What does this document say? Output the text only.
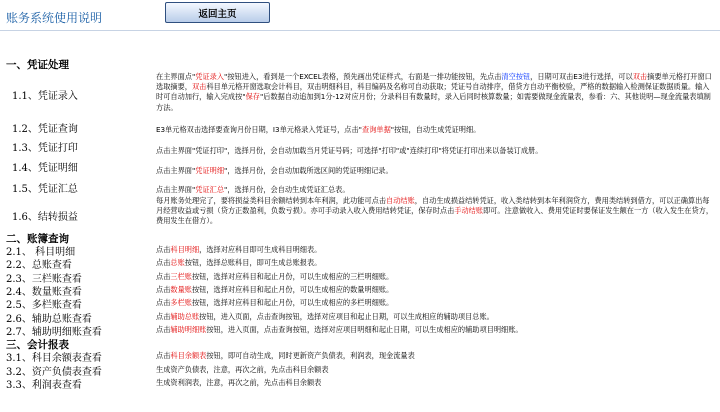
账务系统使用说明	返回主页
一、凭证处理
二、账簿查询
三、会计报表
1.1、凭证录入
1.2、凭证查询
1.3、凭证打印
1.4、凭证明细
1.5、凭证汇总
1.6、结转损益
2.1、 科目明细
2.2、总账查看
2.3、三栏账查看
2.4、数量账查看
2.5、多栏账查看
2.6、辅助总账查看
2.7、辅助明细账查看
3.1、科目余额表查看
3.2、资产负债表查看
3.3、利润表查看
在主界面点"凭证录入"按钮进入，看到是一个EXCEL表格，预先画出凭证样式，右面是一排功能按钮，先点击清空按钮，日期可双击E3进行选择，可以双击摘要单元格打开窗口选取摘要，双击科目单元格开窗选取会计科目，双击明细科目，科目编码及名称可自动获取；凭证号自动排序，借贷方自动平衡校验，严格的数据输入检测保证数据质量。输入时可自动加行，输入完成按"保存"后数据自动追加到1分-12对应月份；分录科目有数量时，录入后同时核算数量；如需要做现金流量表，参看：六、其他说明—现金流量表填制方法。
E3单元格双击选择要查询月份日期，I3单元格录入凭证号，点击"查询单据"按钮，自动生成凭证明细。
点击主界面"凭证打印"，选择月份，会自动加载当月凭证号码；可选择"打印"或"连续打印"将凭证打印出来以备装订成册。
点击主界面"凭证明细"，选择月份，会自动加载所选区间的凭证明细记录。
点击主界面"凭证汇总"，选择月份，会自动生成凭证汇总表。
每月账务处理完了，要将损益类科目余额结转到本年利润，此功能可点击自动结账，自动生成损益结转凭证，收入类结转到本年利润贷方，费用类结转到借方，可以正确算出每月经营收益或亏损（贷方正数盈利，负数亏损）。亦可手动录入收入费用结转凭证，保存时点击手动结账即可。注意做收入、费用凭证时要保证发生额在一方（收入发生在贷方，费用发生在借方）。
点击科目明细，选择对应科目即可生成科目明细表。
点击总账按钮，选择总账科目，即可生成总账报表。
点击三栏账按钮，选择对应科目和起止月份，可以生成相应的三栏明细账。
点击数量账按钮，选择对应科目和起止月份，可以生成相应的数量明细账。
点击多栏账按钮，选择对应科目和起止月份，可以生成相应的多栏明细账。
点击辅助总账按钮，进入页面，点击查询按钮，选择对应项目和起止日期，可以生成相应的辅助项目总账。
点击辅助明细账按钮，进入页面，点击查询按钮，选择对应项目明细和起止日期，可以生成相应的辅助项目明细账。
点击科目余额表按钮，即可自动生成，同时更新资产负债表，利润表，现金流量表
生成资产负债表，注意，再次之前，先点击科目余额表
生成资利润表，注意，再次之前，先点击科目余额表
